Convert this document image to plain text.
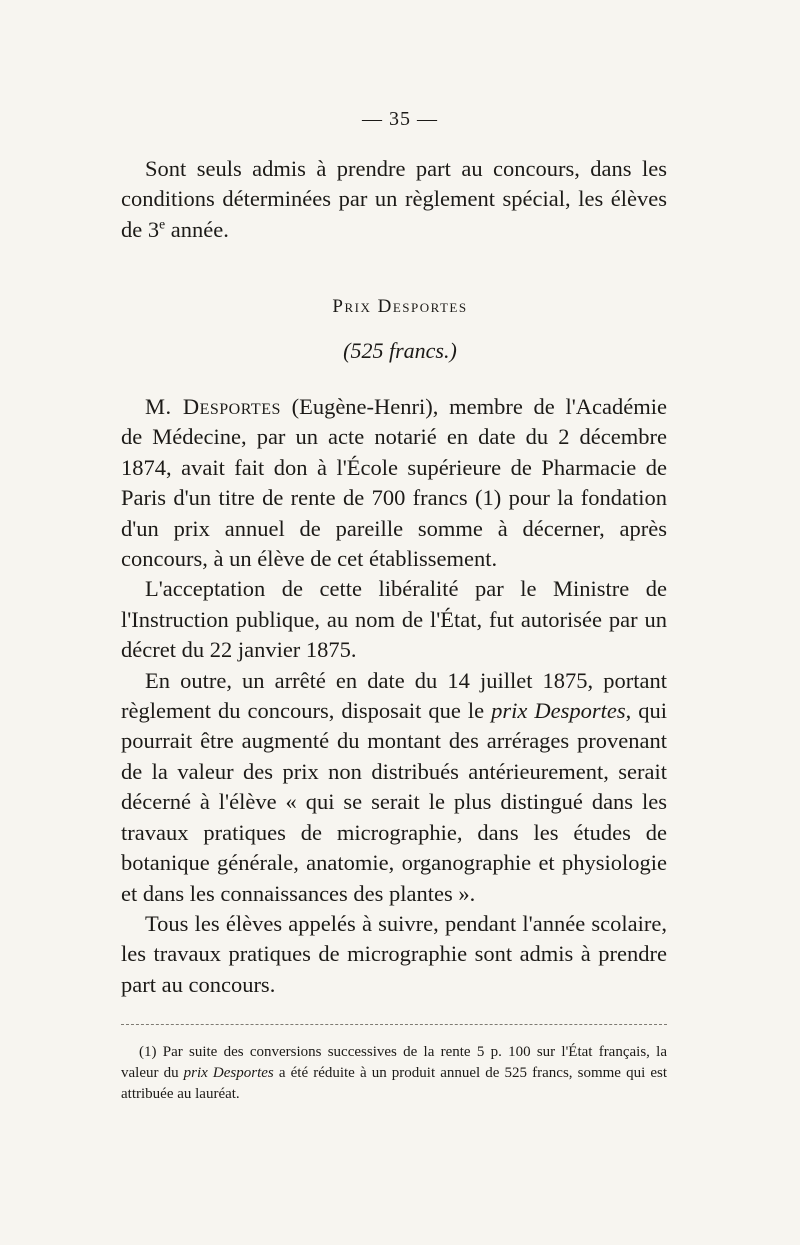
— 35 —

Sont seuls admis à prendre part au concours, dans les conditions déterminées par un règlement spécial, les élèves de 3e année.

Prix Desportes
(525 francs.)

M. Desportes (Eugène-Henri), membre de l'Académie de Médecine, par un acte notarié en date du 2 décembre 1874, avait fait don à l'École supérieure de Pharmacie de Paris d'un titre de rente de 700 francs (1) pour la fondation d'un prix annuel de pareille somme à décerner, après concours, à un élève de cet établissement.

L'acceptation de cette libéralité par le Ministre de l'Instruction publique, au nom de l'État, fut autorisée par un décret du 22 janvier 1875.

En outre, un arrêté en date du 14 juillet 1875, portant règlement du concours, disposait que le prix Desportes, qui pourrait être augmenté du montant des arrérages provenant de la valeur des prix non distribués antérieurement, serait décerné à l'élève « qui se serait le plus distingué dans les travaux pratiques de micrographie, dans les études de botanique générale, anatomie, organographie et physiologie et dans les connaissances des plantes ».

Tous les élèves appelés à suivre, pendant l'année scolaire, les travaux pratiques de micrographie sont admis à prendre part au concours.

(1) Par suite des conversions successives de la rente 5 p. 100 sur l'État français, la valeur du prix Desportes a été réduite à un produit annuel de 525 francs, somme qui est attribuée au lauréat.
